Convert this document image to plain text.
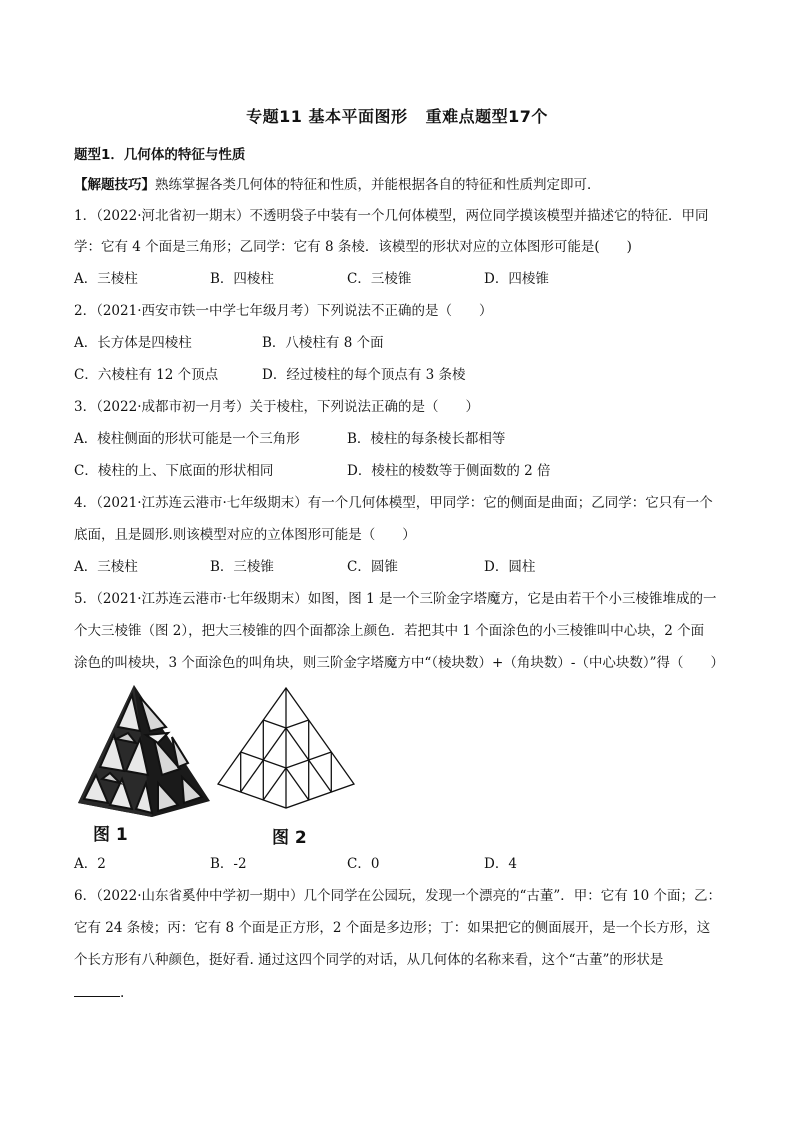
专题11 基本平面图形 重难点题型17个
题型1．几何体的特征与性质
【解题技巧】熟练掌握各类几何体的特征和性质，并能根据各自的特征和性质判定即可．
1．（2022·河北省初一期末）不透明袋子中装有一个几何体模型，两位同学摸该模型并描述它的特征．甲同
学：它有 4 个面是三角形；乙同学：它有 8 条棱．该模型的形状对应的立体图形可能是(　　)
A．三棱柱	B．四棱柱	C．三棱锥	D．四棱锥
2．（2021·西安市铁一中学七年级月考）下列说法不正确的是（　　）
A．长方体是四棱柱	B．八棱柱有 8 个面
C．六棱柱有 12 个顶点	D．经过棱柱的每个顶点有 3 条棱
3．（2022·成都市初一月考）关于棱柱，下列说法正确的是（　　）
A．棱柱侧面的形状可能是一个三角形	B．棱柱的每条棱长都相等
C．棱柱的上、下底面的形状相同	D．棱柱的棱数等于侧面数的 2 倍
4．（2021·江苏连云港市·七年级期末）有一个几何体模型，甲同学：它的侧面是曲面；乙同学：它只有一个
底面，且是圆形.则该模型对应的立体图形可能是（　　）
A．三棱柱	B．三棱锥	C．圆锥	D．圆柱
5．（2021·江苏连云港市·七年级期末）如图，图 1 是一个三阶金字塔魔方，它是由若干个小三棱锥堆成的一
个大三棱锥（图 2），把大三棱锥的四个面都涂上颜色．若把其中 1 个面涂色的小三棱锥叫中心块，2 个面
涂色的叫棱块，3 个面涂色的叫角块，则三阶金字塔魔方中“（棱块数）+（角块数）-（中心块数）”得（　　）
图 1	图 2
A．2	B．-2	C．0	D．4
6．（2022·山东省奚仲中学初一期中）几个同学在公园玩，发现一个漂亮的“古董”．甲：它有 10 个面；乙：
它有 24 条棱；丙：它有 8 个面是正方形，2 个面是多边形；丁：如果把它的侧面展开，是一个长方形，这
个长方形有八种颜色，挺好看. 通过这四个同学的对话，从几何体的名称来看，这个“古董”的形状是
.
